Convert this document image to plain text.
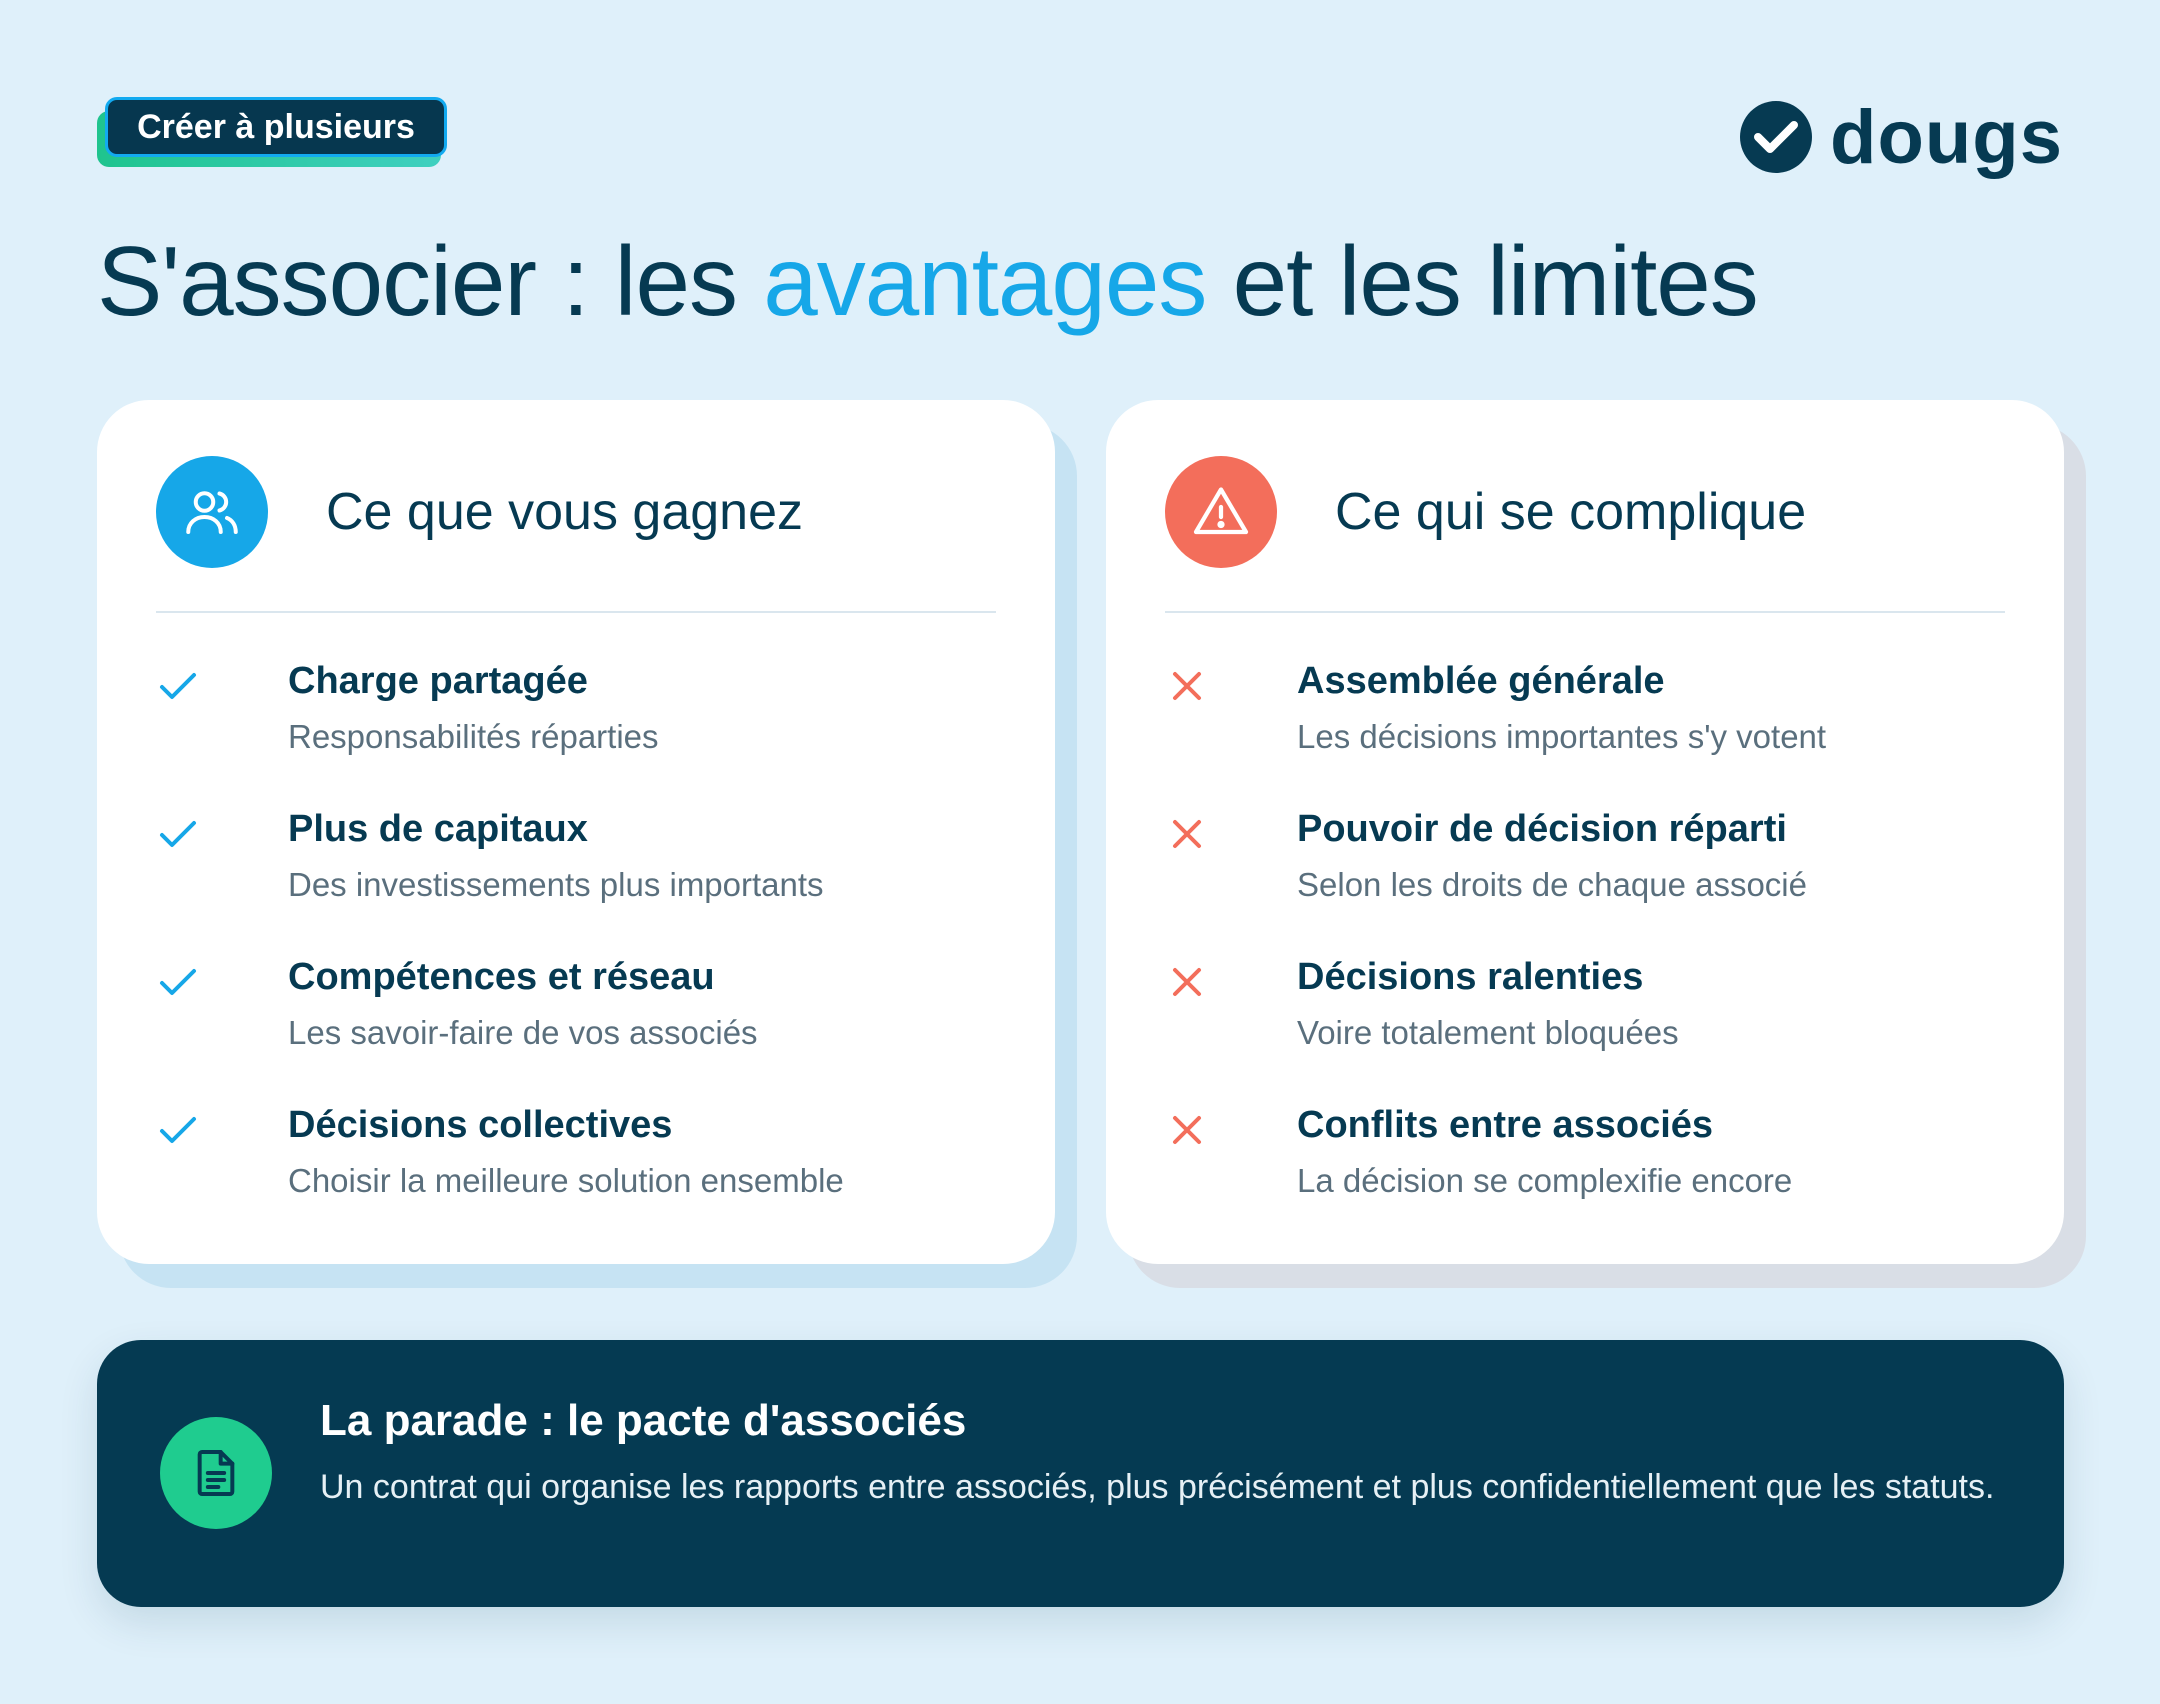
Créer à plusieurs	dougs
S'associer : les avantages et les limites
Ce que vous gagnez
Charge partagée
Responsabilités réparties
Plus de capitaux
Des investissements plus importants
Compétences et réseau
Les savoir-faire de vos associés
Décisions collectives
Choisir la meilleure solution ensemble
Ce qui se complique
Assemblée générale
Les décisions importantes s'y votent
Pouvoir de décision réparti
Selon les droits de chaque associé
Décisions ralenties
Voire totalement bloquées
Conflits entre associés
La décision se complexifie encore
La parade : le pacte d'associés
Un contrat qui organise les rapports entre associés, plus précisément et plus confidentiellement que les statuts.
